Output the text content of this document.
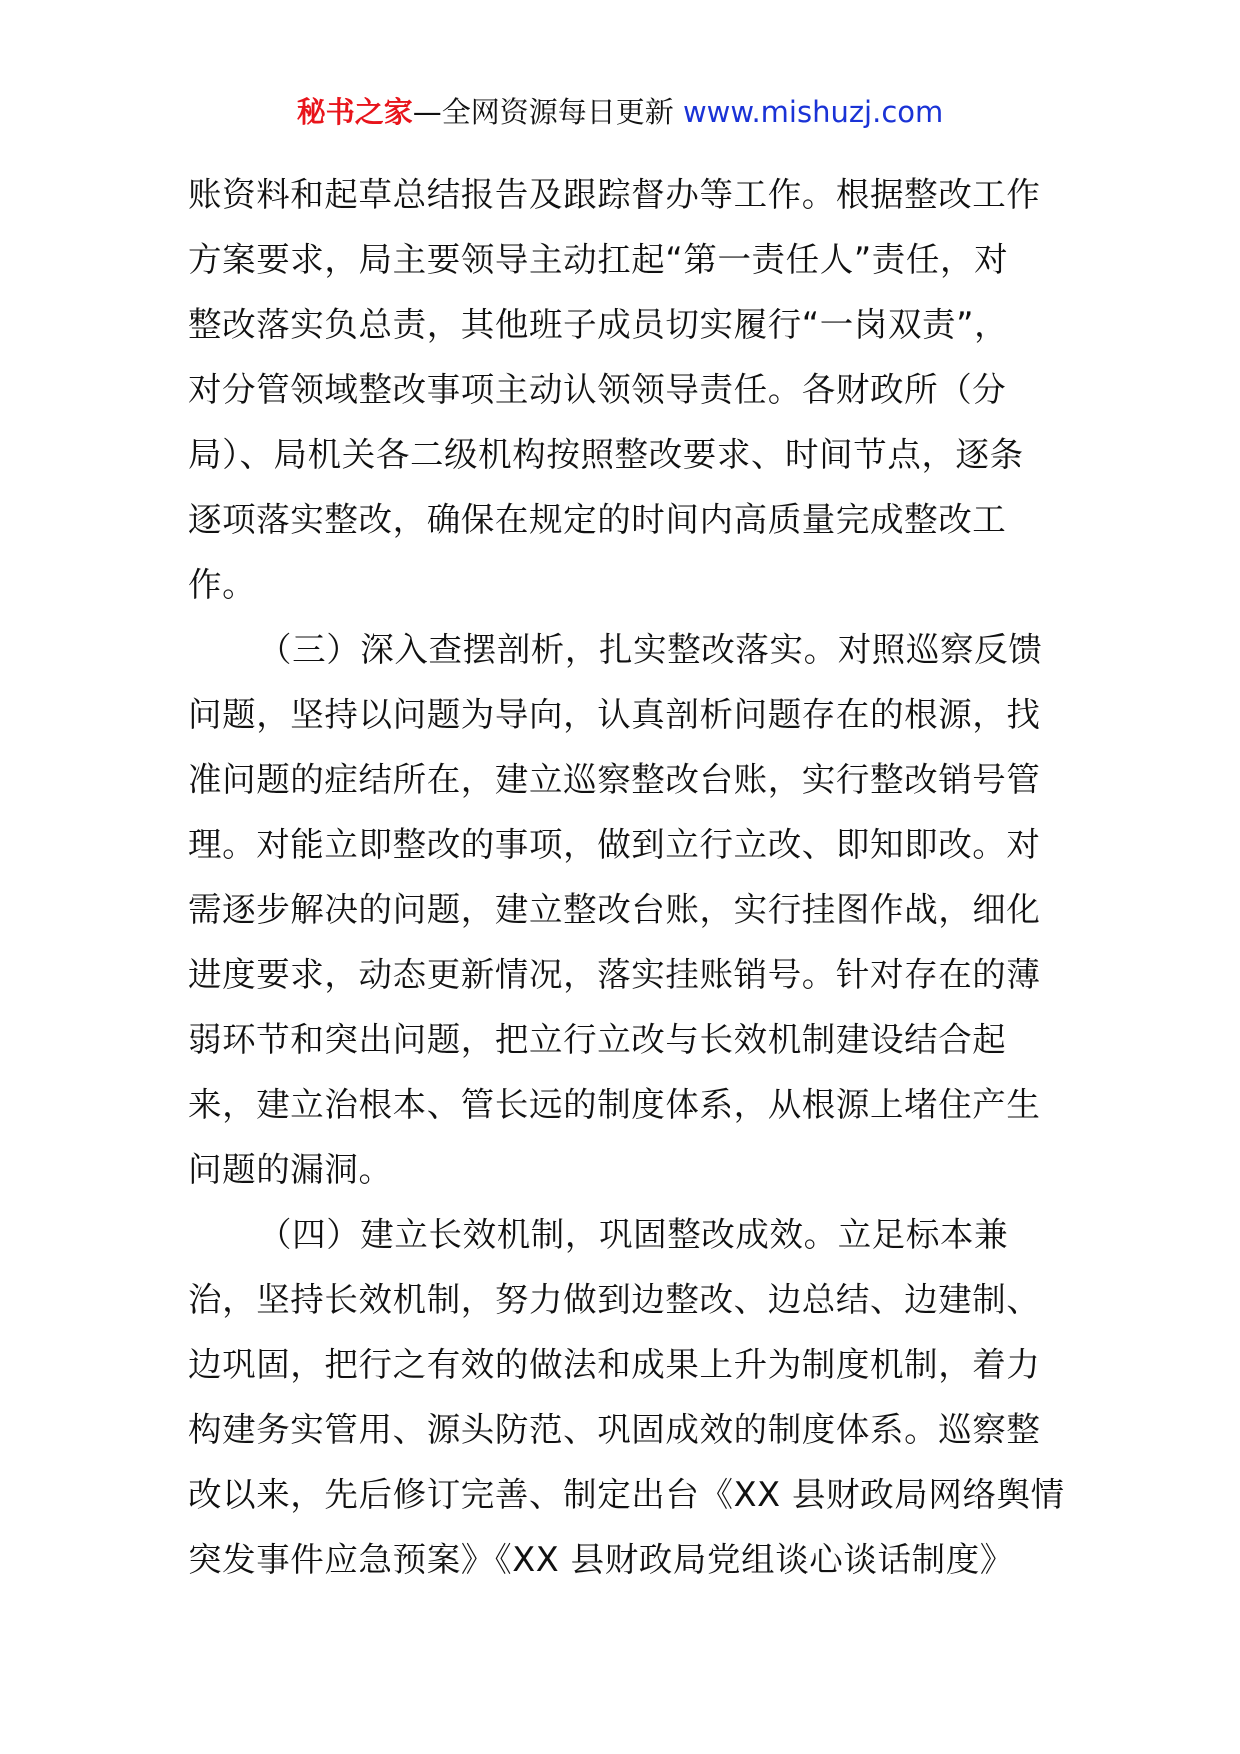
秘书之家—全网资源每日更新 www.mishuzj.com
账资料和起草总结报告及跟踪督办等工作。根据整改工作
方案要求，局主要领导主动扛起“第一责任人”责任，对
整改落实负总责，其他班子成员切实履行“一岗双责”，
对分管领域整改事项主动认领领导责任。各财政所（分
局）、局机关各二级机构按照整改要求、时间节点，逐条
逐项落实整改，确保在规定的时间内高质量完成整改工
作。
（三）深入查摆剖析，扎实整改落实。对照巡察反馈
问题，坚持以问题为导向，认真剖析问题存在的根源，找
准问题的症结所在，建立巡察整改台账，实行整改销号管
理。对能立即整改的事项，做到立行立改、即知即改。对
需逐步解决的问题，建立整改台账，实行挂图作战，细化
进度要求，动态更新情况，落实挂账销号。针对存在的薄
弱环节和突出问题，把立行立改与长效机制建设结合起
来，建立治根本、管长远的制度体系，从根源上堵住产生
问题的漏洞。
（四）建立长效机制，巩固整改成效。立足标本兼
治，坚持长效机制，努力做到边整改、边总结、边建制、
边巩固，把行之有效的做法和成果上升为制度机制，着力
构建务实管用、源头防范、巩固成效的制度体系。巡察整
改以来，先后修订完善、制定出台《XX 县财政局网络舆情
突发事件应急预案》《XX 县财政局党组谈心谈话制度》
